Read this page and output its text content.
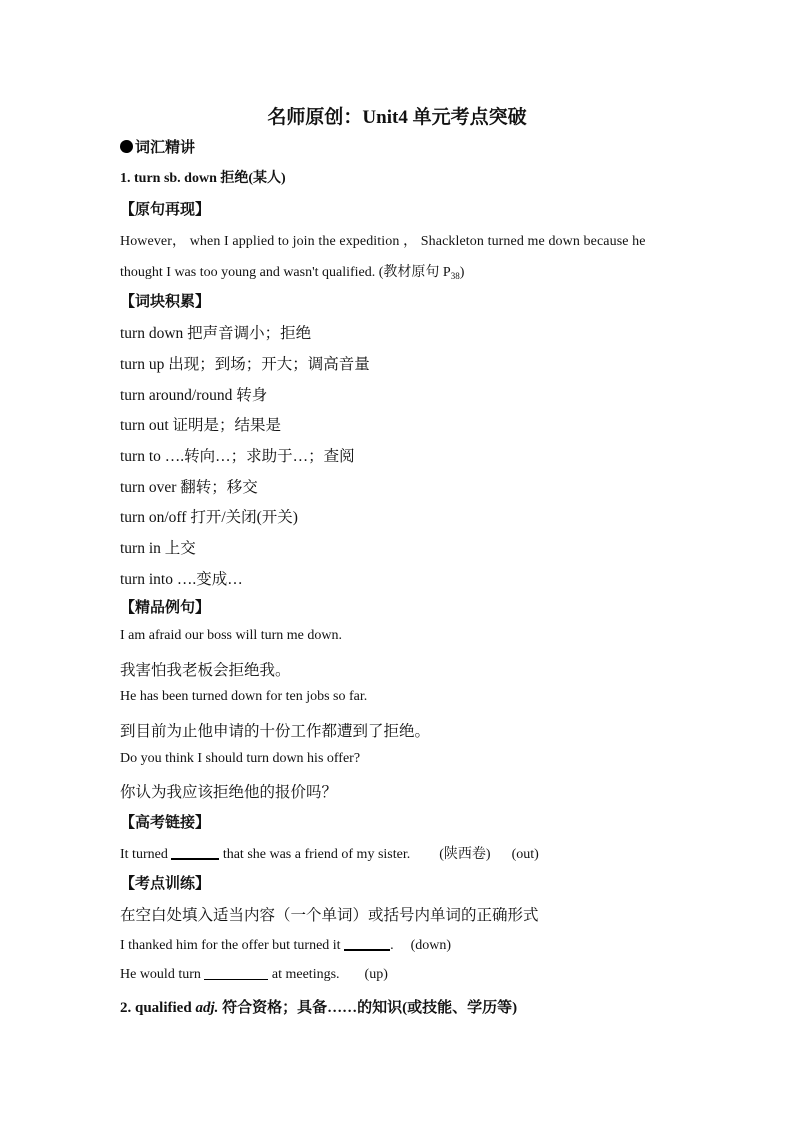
名师原创：Unit4 单元考点突破
词汇精讲
1. turn sb. down 拒绝(某人)
【原句再现】
However， when I applied to join the expedition ， Shackleton turned me down because he
thought I was too young and wasn't qualified. (教材原句 $P_{38}$)
【词块积累】
turn down 把声音调小；拒绝
turn up 出现；到场；开大；调高音量
turn around/round 转身
turn out 证明是；结果是
turn to ….转向…；求助于…；查阅
turn over 翻转；移交
turn on/off 打开/关闭(开关)
turn in 上交
turn into ….变成…
【精品例句】
I am afraid our boss will turn me down.
我害怕我老板会拒绝我。
He has been turned down for ten jobs so far.
到目前为止他申请的十份工作都遭到了拒绝。
Do you think I should turn down his offer?
你认为我应该拒绝他的报价吗？
【高考链接】
It turned	that she was a friend of my sister. (陕西卷) (out)
【考点训练】
在空白处填入适当内容（一个单词）或括号内单词的正确形式
I thanked him for the offer but turned it	. (down)
He would turn	at meetings. (up)
2. qualified adj. 符合资格；具备……的知识(或技能、学历等)
